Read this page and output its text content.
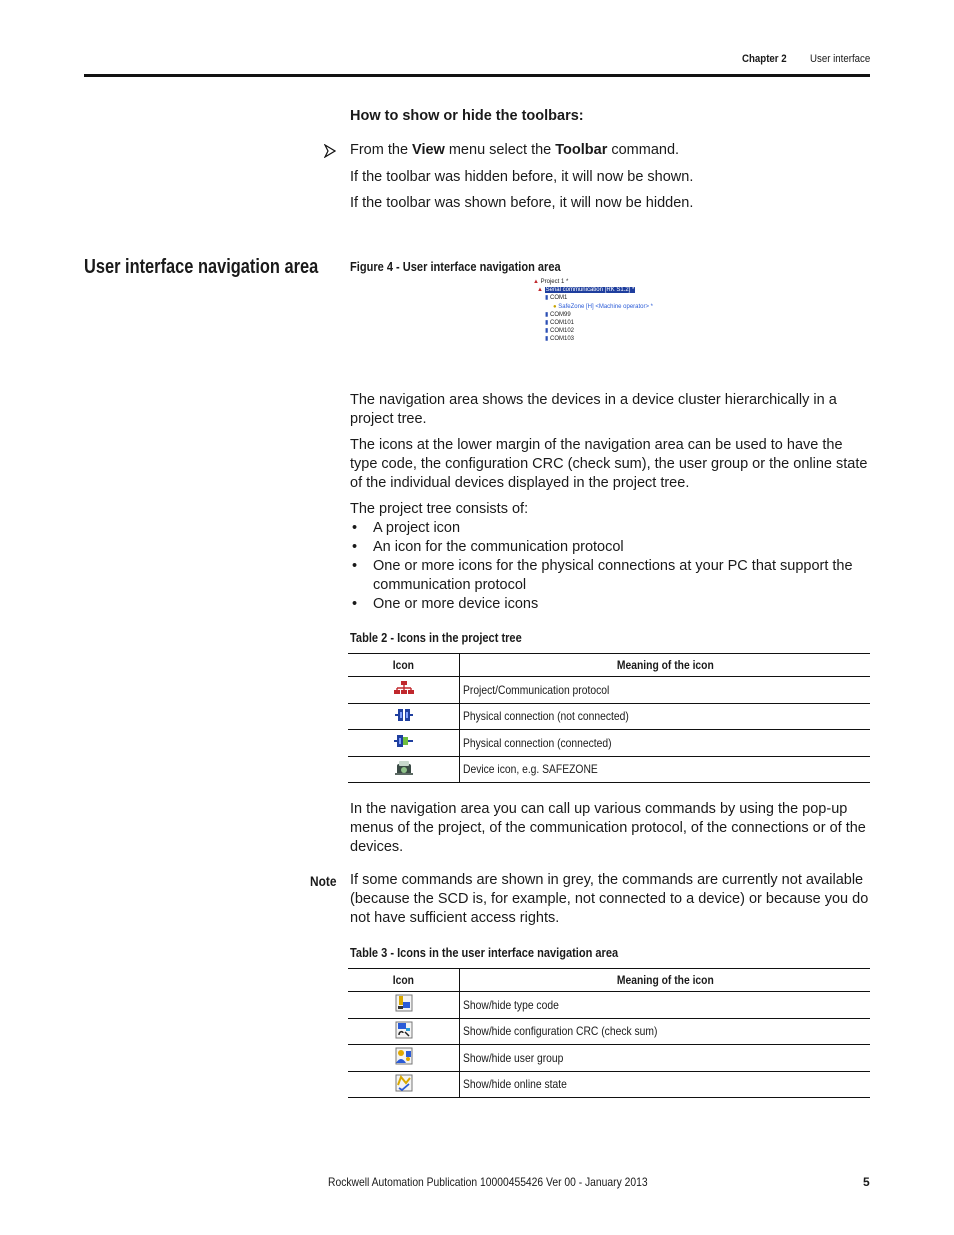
Chapter 2 User interface
How to show or hide the toolbars:
From the View menu select the Toolbar command.
If the toolbar was hidden before, it will now be shown.
If the toolbar was shown before, it will now be hidden.
User interface navigation area Figure 4 - User interface navigation area
▲ Project 1 *
▲ Serial communication [RK S1.2] *
▮ COM1
● SafeZone [H] <Machine operator> *
▮ COM99
▮ COM101
▮ COM102
▮ COM103
The navigation area shows the devices in a device cluster hierarchically in a project tree.
The icons at the lower margin of the navigation area can be used to have the type code, the configuration CRC (check sum), the user group or the online state of the individual devices displayed in the project tree.
The project tree consists of:
• A project icon
• An icon for the communication protocol
• One or more icons for the physical connections at your PC that support the communication protocol
• One or more device icons
Table 2 - Icons in the project tree
Icon	Meaning of the icon
	Project/Communication protocol
	Physical connection (not connected)
	Physical connection (connected)
	Device icon, e.g. SAFEZONE
In the navigation area you can call up various commands by using the pop-up menus of the project, of the communication protocol, of the connections or of the devices.
Note If some commands are shown in grey, the commands are currently not available (because the SCD is, for example, not connected to a device) or because you do not have sufficient access rights.
Table 3 - Icons in the user interface navigation area
Icon	Meaning of the icon
	Show/hide type code
	Show/hide configuration CRC (check sum)
	Show/hide user group
	Show/hide online state
Rockwell Automation Publication 10000455426 Ver 00 - January 2013	5
